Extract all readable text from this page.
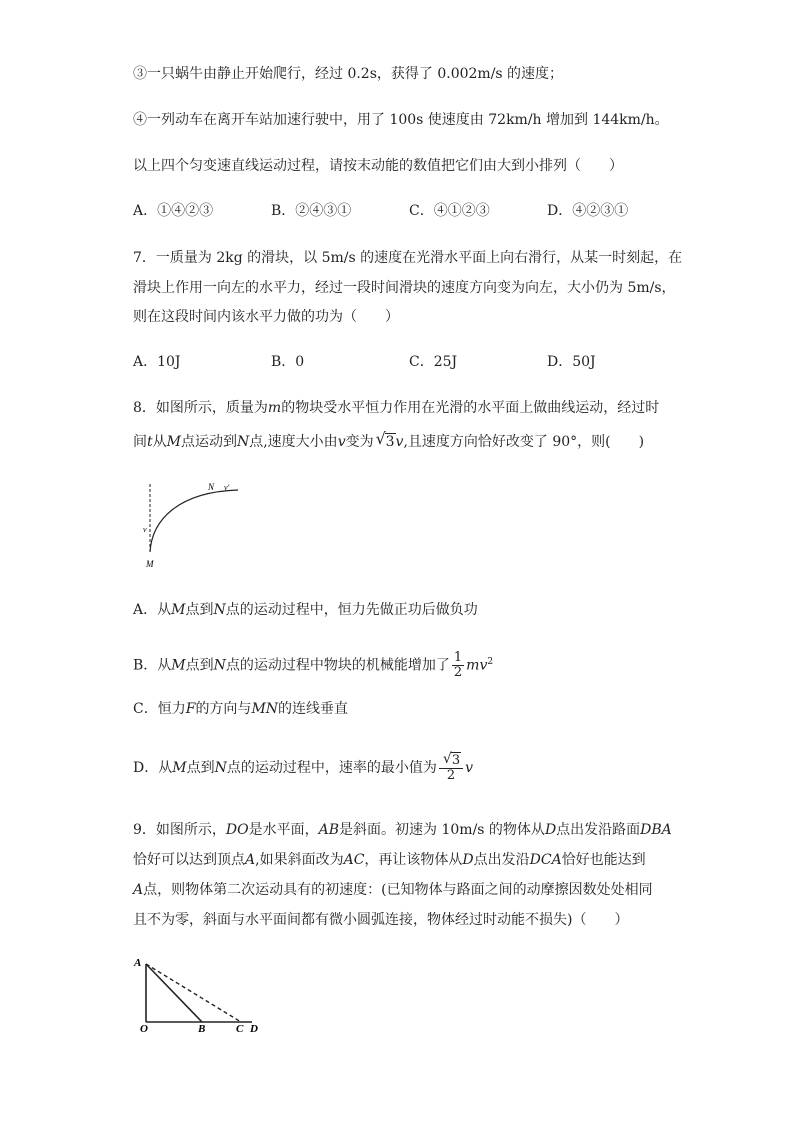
③一只蜗牛由静止开始爬行，经过 0.2s，获得了 0.002m/s 的速度；
④一列动车在离开车站加速行驶中，用了 100s 使速度由 72km/h 增加到 144km/h。
以上四个匀变速直线运动过程，请按末动能的数值把它们由大到小排列（　　）
A．①④②③	B．②④③①	C．④①②③	D．④②③①
7．一质量为 2kg 的滑块，以 5m/s 的速度在光滑水平面上向右滑行，从某一时刻起，在
滑块上作用一向左的水平力，经过一段时间滑块的速度方向变为向左，大小仍为 5m/s，
则在这段时间内该水平力做的功为（　　）
A．10J	B．0	C．25J	D．50J
8．如图所示，质量为m的物块受水平恒力作用在光滑的水平面上做曲线运动，经过时
间t从M点运动到N点,速度大小由v变为 √ 3v,且速度方向恰好改变了 90°，则(　　)
N v'
v
M
A．从M点到N点的运动过程中，恒力先做正功后做负功
B．从M点到N点的运动过程中物块的机械能增加了 $\frac{1}{2} mv^2$
C．恒力F的方向与MN的连线垂直
D．从M点到N点的运动过程中，速率的最小值为 $\frac{√ 3}{2}$ v
9．如图所示，DO是水平面，AB是斜面。初速为 10m/s 的物体从D点出发沿路面DBA
恰好可以达到顶点A,如果斜面改为AC，再让该物体从D点出发沿DCA恰好也能达到
A点，则物体第二次运动具有的初速度：(已知物体与路面之间的动摩擦因数处处相同
且不为零，斜面与水平面间都有微小圆弧连接，物体经过时动能不损失)（　　）
A
O	B	C D
